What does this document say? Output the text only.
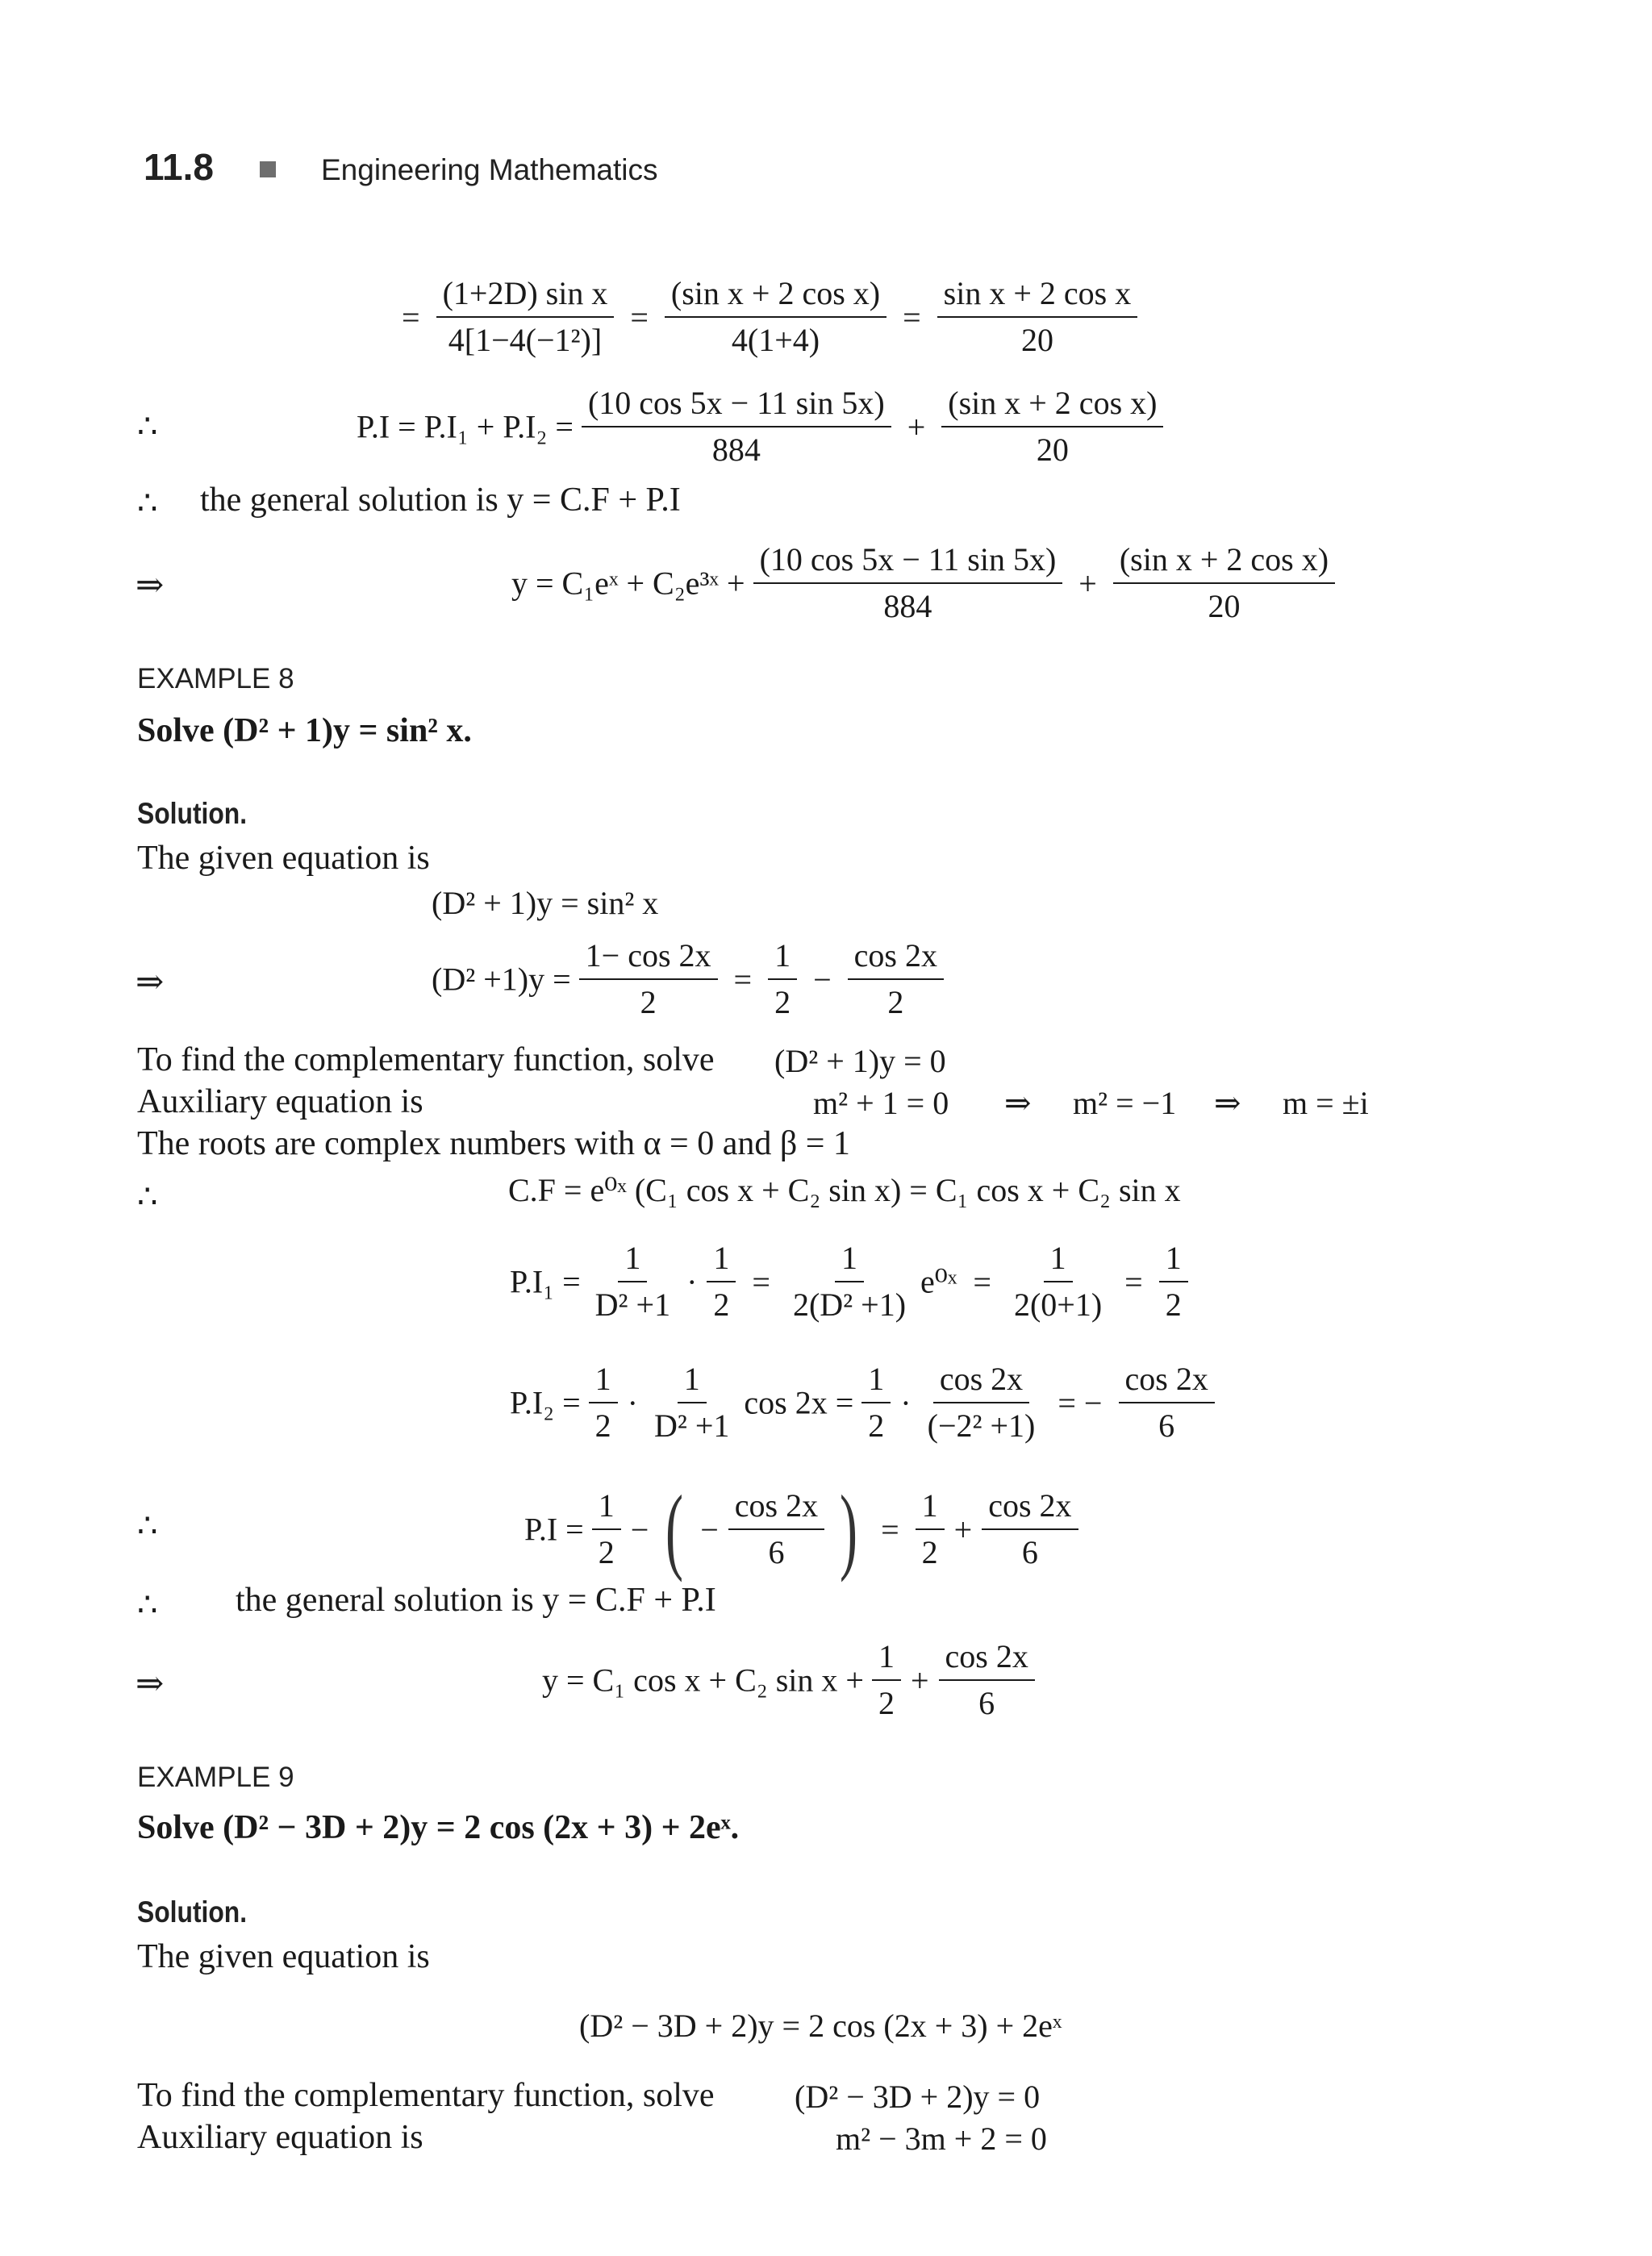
11.8	Engineering Mathematics
= $\frac{\text{(1+2D) sin x}}{\text{4[1−4(−1²)]}} = \frac{\text{(sin x + 2 cos x)}}{4(1+4)} = \frac{\text{sin x + 2 cos x}}{20}$
∴	$P.I = P.I_1 + P.I_2 = \frac{(10 \cos 5x - 11 \sin 5x)}{884} + \frac{\text{(sin x + 2 cos x)}}{20}$
∴ the general solution is y = C.F + P.I
⇒	y = C₁eˣ + C₂e³ˣ + $\frac{(10 \cos 5x - 11 \sin 5x)}{884} + \frac{\text{(sin x + 2 cos x)}}{20}$
EXAMPLE 8
Solve (D² + 1)y = sin² x.
Solution.
The given equation is
(D² + 1)y = sin² x
⇒	$(D^2 +1)y = \frac{1- \cos 2x}{2} = \frac{1}{2} - \frac{\cos 2x}{2}$
To find the complementary function, solve (D² + 1)y = 0
Auxiliary equation is	m² + 1 = 0 ⇒ m² = −1 ⇒ m = ±i
The roots are complex numbers with α = 0 and β = 1
∴	C.F = e⁰ˣ (C₁ cos x + C₂ sin x) = C₁ cos x + C₂ sin x
$P.I_1 = \frac{1}{\text{D² +1}} \cdot \frac{1}{2} = \frac{1}{\text{2(D² +1)}}$ e⁰ˣ = $\frac{1}{2(0+1)} = \frac{1}{2}$
$P.I_2 = \frac{1}{2} \cdot \frac{1}{\text{D² +1}}$ $\cos 2x = \frac{1}{2} \cdot \frac{\cos 2x}{\text{(−2² +1)}}$ = − $\frac{\cos 2x}{6}$
∴	$P.I = \frac{1}{2}$ − ( − $\frac{\cos 2x}{6}$ ) = $\frac{1}{2} + \frac{\cos 2x}{6}$
∴ the general solution is y = C.F + P.I
⇒	y = C₁ cos x + C₂ $\sin x + \frac{1}{2} + \frac{\cos 2x}{6}$
EXAMPLE 9
Solve (D² − 3D + 2)y = 2 cos (2x + 3) + 2eˣ.
Solution.
The given equation is
(D² − 3D + 2)y = 2 cos (2x + 3) + 2eˣ
To find the complementary function, solve (D² − 3D + 2)y = 0
Auxiliary equation is	m² − 3m + 2 = 0
